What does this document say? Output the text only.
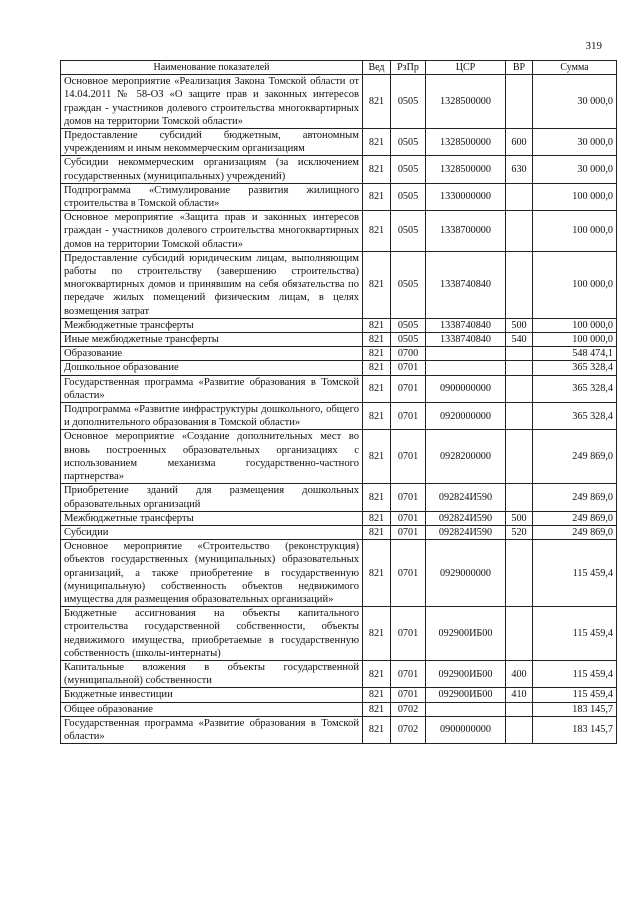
319
Наименование показателей	Вед	РзПр	ЦСР	ВР	Сумма
Основное мероприятие «Реализация Закона Томской области от 14.04.2011 № 58-ОЗ «О защите прав и законных интересов граждан - участников долевого строительства многоквартирных домов на территории Томской области»	821	0505	1328500000		30 000,0
Предоставление субсидий бюджетным, автономным учреждениям и иным некоммерческим организациям	821	0505	1328500000	600	30 000,0
Субсидии некоммерческим организациям (за исключением государственных (муниципальных) учреждений)	821	0505	1328500000	630	30 000,0
Подпрограмма «Стимулирование развития жилищного строительства в Томской области»	821	0505	1330000000		100 000,0
Основное мероприятие «Защита прав и законных интересов граждан - участников долевого строительства многоквартирных домов на территории Томской области»	821	0505	1338700000		100 000,0
Предоставление субсидий юридическим лицам, выполняющим работы по строительству (завершению строительства) многоквартирных домов и принявшим на себя обязательства по передаче жилых помещений физическим лицам, в целях возмещения затрат	821	0505	1338740840		100 000,0
Межбюджетные трансферты	821	0505	1338740840	500	100 000,0
Иные межбюджетные трансферты	821	0505	1338740840	540	100 000,0
Образование	821	0700			548 474,1
Дошкольное образование	821	0701			365 328,4
Государственная программа «Развитие образования в Томской области»	821	0701	0900000000		365 328,4
Подпрограмма «Развитие инфраструктуры дошкольного, общего и дополнительного образования в Томской области»	821	0701	0920000000		365 328,4
Основное мероприятие «Создание дополнительных мест во вновь построенных образовательных организациях с использованием механизма государственно-частного партнерства»	821	0701	0928200000		249 869,0
Приобретение зданий для размещения дошкольных образовательных организаций	821	0701	092824И590		249 869,0
Межбюджетные трансферты	821	0701	092824И590	500	249 869,0
Субсидии	821	0701	092824И590	520	249 869,0
Основное мероприятие «Строительство (реконструкция) объектов государственных (муниципальных) образовательных организаций, а также приобретение в государственную (муниципальную) собственность объектов недвижимого имущества для размещения образовательных организаций»	821	0701	0929000000		115 459,4
Бюджетные ассигнования на объекты капитального строительства государственной собственности, объекты недвижимого имущества, приобретаемые в государственную собственность (школы-интернаты)	821	0701	092900ИБ00		115 459,4
Капитальные вложения в объекты государственной (муниципальной) собственности	821	0701	092900ИБ00	400	115 459,4
Бюджетные инвестиции	821	0701	092900ИБ00	410	115 459,4
Общее образование	821	0702			183 145,7
Государственная программа «Развитие образования в Томской области»	821	0702	0900000000		183 145,7
